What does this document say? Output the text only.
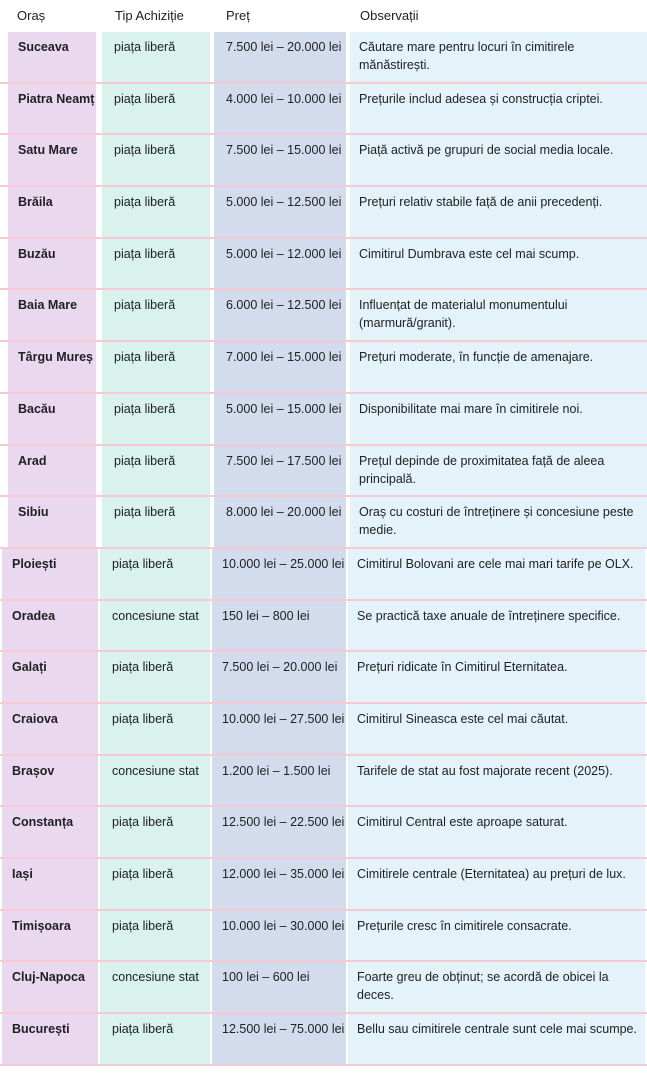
Oraș	Tip Achiziție	Preț	Observații
Suceava	piața liberă	7.500 lei – 20.000 lei	Căutare mare pentru locuri în cimitirele mănăstirești.
Piatra Neamț	piața liberă	4.000 lei – 10.000 lei	Prețurile includ adesea și construcția criptei.
Satu Mare	piața liberă	7.500 lei – 15.000 lei	Piață activă pe grupuri de social media locale.
Brăila	piața liberă	5.000 lei – 12.500 lei	Prețuri relativ stabile față de anii precedenți.
Buzău	piața liberă	5.000 lei – 12.000 lei	Cimitirul Dumbrava este cel mai scump.
Baia Mare	piața liberă	6.000 lei – 12.500 lei	Influențat de materialul monumentului (marmură/granit).
Târgu Mureș	piața liberă	7.000 lei – 15.000 lei	Prețuri moderate, în funcție de amenajare.
Bacău	piața liberă	5.000 lei – 15.000 lei	Disponibilitate mai mare în cimitirele noi.
Arad	piața liberă	7.500 lei – 17.500 lei	Prețul depinde de proximitatea față de aleea principală.
Sibiu	piața liberă	8.000 lei – 20.000 lei	Oraș cu costuri de întreținere și concesiune peste medie.
Ploiești	piața liberă	10.000 lei – 25.000 lei	Cimitirul Bolovani are cele mai mari tarife pe OLX.
Oradea	concesiune stat	150 lei – 800 lei	Se practică taxe anuale de întreținere specifice.
Galați	piața liberă	7.500 lei – 20.000 lei	Prețuri ridicate în Cimitirul Eternitatea.
Craiova	piața liberă	10.000 lei – 27.500 lei	Cimitirul Sineasca este cel mai căutat.
Brașov	concesiune stat	1.200 lei – 1.500 lei	Tarifele de stat au fost majorate recent (2025).
Constanța	piața liberă	12.500 lei – 22.500 lei	Cimitirul Central este aproape saturat.
Iași	piața liberă	12.000 lei – 35.000 lei	Cimitirele centrale (Eternitatea) au prețuri de lux.
Timișoara	piața liberă	10.000 lei – 30.000 lei	Prețurile cresc în cimitirele consacrate.
Cluj-Napoca	concesiune stat	100 lei – 600 lei	Foarte greu de obținut; se acordă de obicei la deces.
București	piața liberă	12.500 lei – 75.000 lei	Bellu sau cimitirele centrale sunt cele mai scumpe.
